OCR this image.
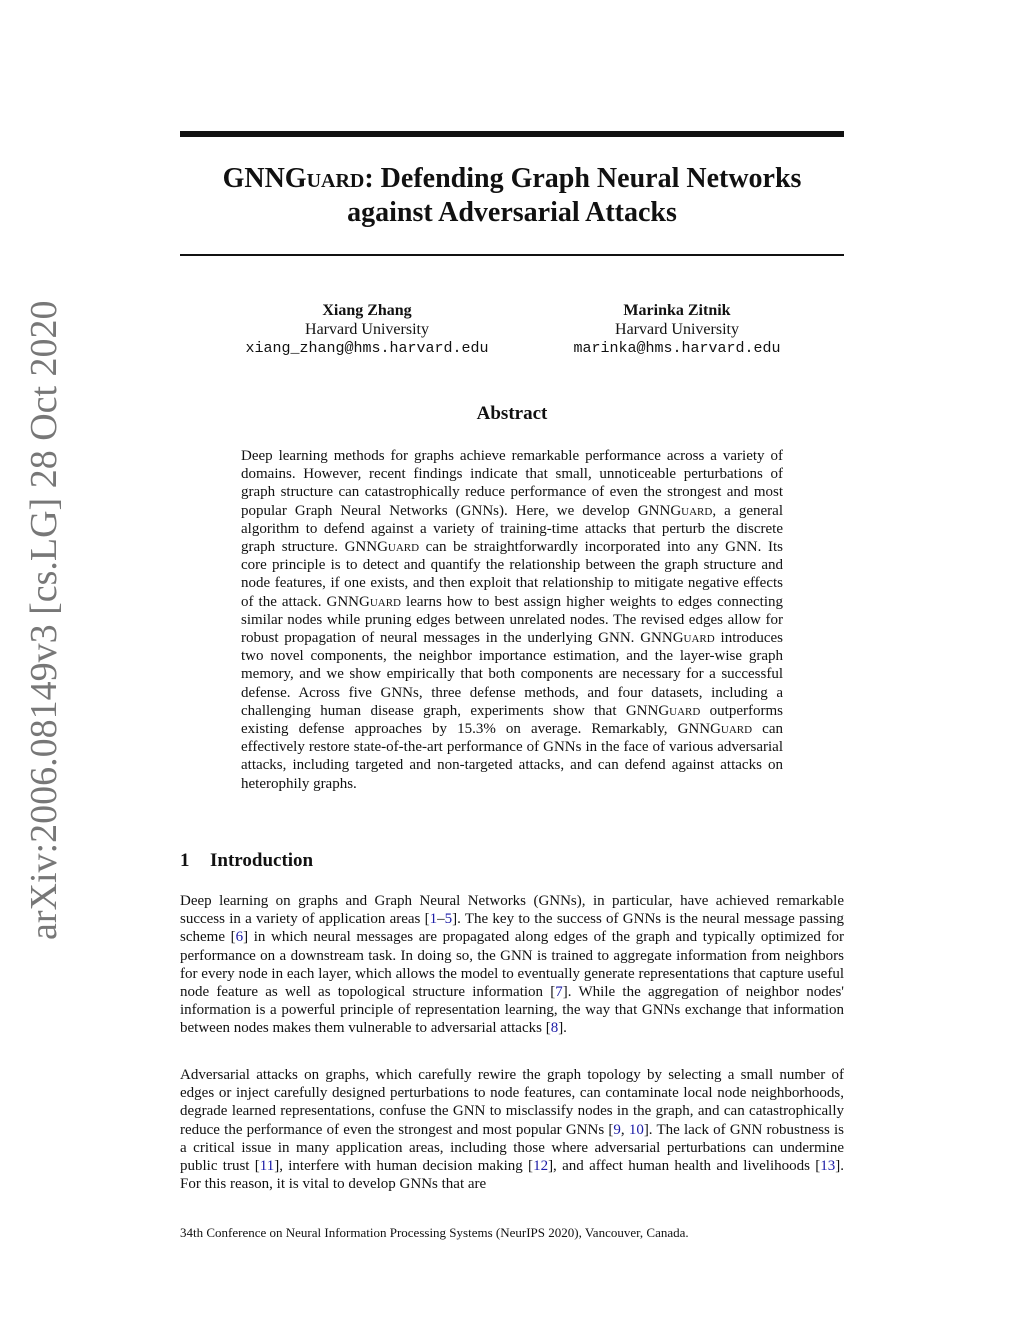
arXiv:2006.08149v3 [cs.LG] 28 Oct 2020
GNNGuard: Defending Graph Neural Networks
against Adversarial Attacks
Xiang Zhang
Harvard University
xiang_zhang@hms.harvard.edu
Marinka Zitnik
Harvard University
marinka@hms.harvard.edu
Abstract

Deep learning methods for graphs achieve remarkable performance across a variety of domains. However, recent findings indicate that small, unnoticeable perturbations of graph structure can catastrophically reduce performance of even the strongest and most popular Graph Neural Networks (GNNs). Here, we develop GNNGuard, a general algorithm to defend against a variety of training-time attacks that perturb the discrete graph structure. GNNGuard can be straightforwardly incorporated into any GNN. Its core principle is to detect and quantify the relationship between the graph structure and node features, if one exists, and then exploit that relationship to mitigate negative effects of the attack. GNNGuard learns how to best assign higher weights to edges connecting similar nodes while pruning edges between unrelated nodes. The revised edges allow for robust propagation of neural messages in the underlying GNN. GNNGuard introduces two novel components, the neighbor importance estimation, and the layer-wise graph memory, and we show empirically that both components are necessary for a successful defense. Across five GNNs, three defense methods, and four datasets, including a challenging human disease graph, experiments show that GNNGuard outperforms existing defense approaches by 15.3% on average. Remarkably, GNNGuard can effectively restore state-of-the-art performance of GNNs in the face of various adversarial attacks, including targeted and non-targeted attacks, and can defend against attacks on heterophily graphs.

1 Introduction

Deep learning on graphs and Graph Neural Networks (GNNs), in particular, have achieved remarkable success in a variety of application areas [1–5]. The key to the success of GNNs is the neural message passing scheme [6] in which neural messages are propagated along edges of the graph and typically optimized for performance on a downstream task. In doing so, the GNN is trained to aggregate information from neighbors for every node in each layer, which allows the model to eventually generate representations that capture useful node feature as well as topological structure information [7]. While the aggregation of neighbor nodes' information is a powerful principle of representation learning, the way that GNNs exchange that information between nodes makes them vulnerable to adversarial attacks [8].

Adversarial attacks on graphs, which carefully rewire the graph topology by selecting a small number of edges or inject carefully designed perturbations to node features, can contaminate local node neighborhoods, degrade learned representations, confuse the GNN to misclassify nodes in the graph, and can catastrophically reduce the performance of even the strongest and most popular GNNs [9, 10]. The lack of GNN robustness is a critical issue in many application areas, including those where adversarial perturbations can undermine public trust [11], interfere with human decision making [12], and affect human health and livelihoods [13]. For this reason, it is vital to develop GNNs that are

34th Conference on Neural Information Processing Systems (NeurIPS 2020), Vancouver, Canada.
